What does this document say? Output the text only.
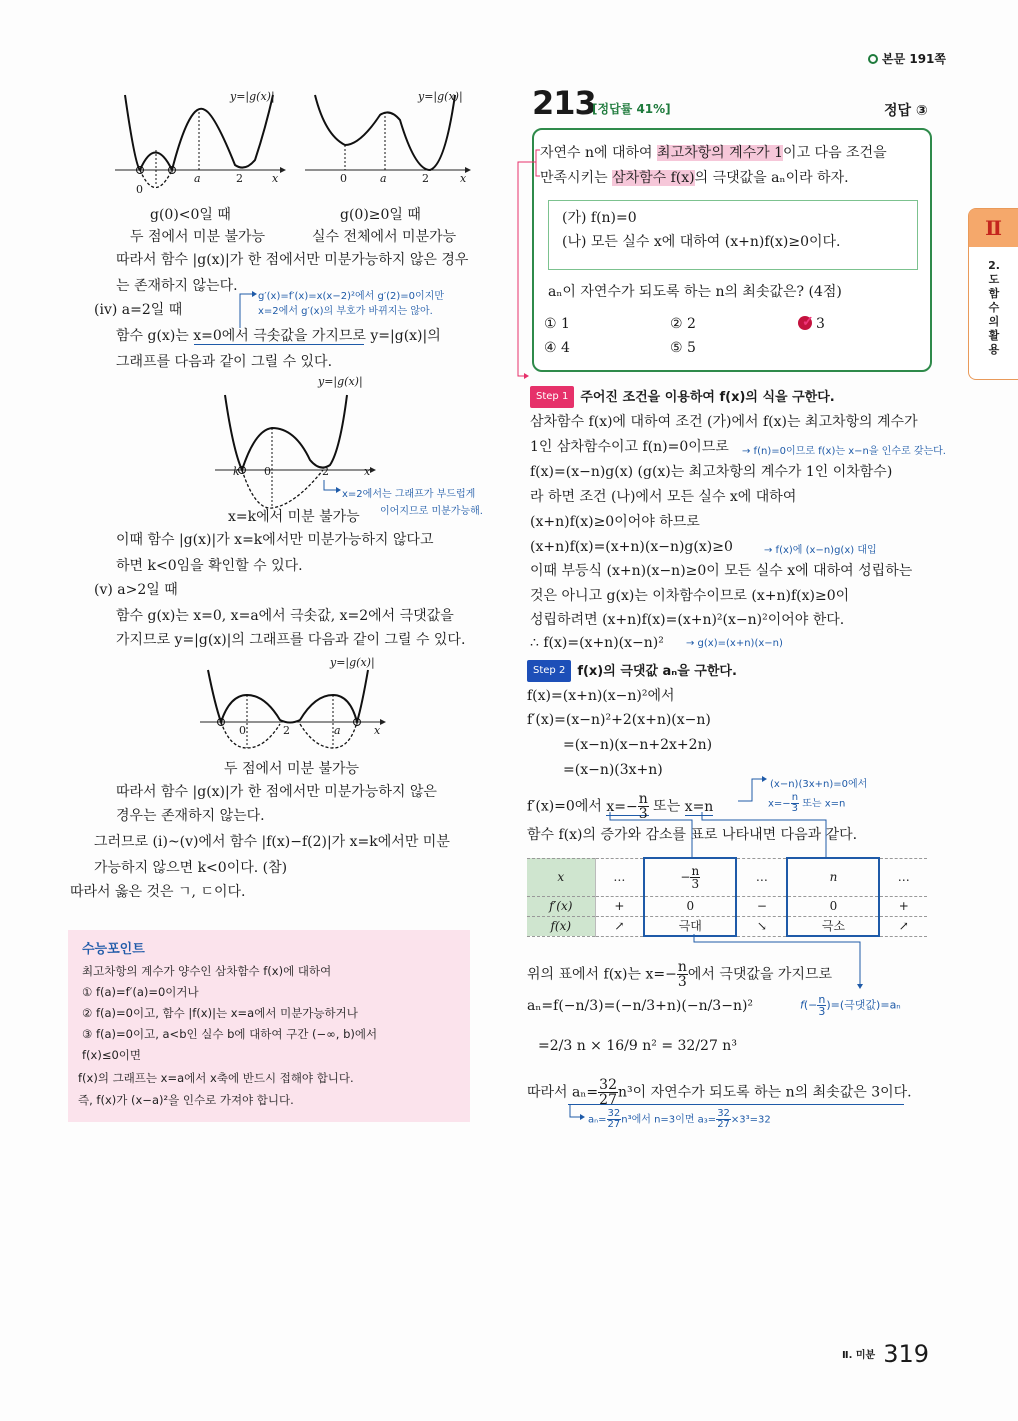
본문 191쪽
y=|g(x)|
0
a	2	x
g(0)<0일 때
두 점에서 미분 불가능
y=|g(x)|
0	a	2	x
g(0)≥0일 때
실수 전체에서 미분가능
따라서 함수 |g(x)|가 한 점에서만 미분가능하지 않은 경우
는 존재하지 않는다.
g′(x)=f′(x)=x(x−2)²에서 g′(2)=0이지만
x=2에서 g′(x)의 부호가 바뀌지는 않아.
(ⅳ) a=2일 때
함수 g(x)는 x=0에서 극솟값을 가지므로 y=|g(x)|의
그래프를 다음과 같이 그릴 수 있다.
y=|g(x)|
k 0	2	x
x=2에서는 그래프가 부드럽게
이어지므로 미분가능해.
x=k에서 미분 불가능
이때 함수 |g(x)|가 x=k에서만 미분가능하지 않다고
하면 k<0임을 확인할 수 있다.
(ⅴ) a>2일 때
함수 g(x)는 x=0, x=a에서 극솟값, x=2에서 극댓값을
가지므로 y=|g(x)|의 그래프를 다음과 같이 그릴 수 있다.
y=|g(x)|
0	2	a	x
두 점에서 미분 불가능
따라서 함수 |g(x)|가 한 점에서만 미분가능하지 않은
경우는 존재하지 않는다.
그러므로 (ⅰ)~(ⅴ)에서 함수 |f(x)−f(2)|가 x=k에서만 미분
가능하지 않으면 k<0이다. (참)
따라서 옳은 것은 ㄱ, ㄷ이다.
수능포인트
최고차항의 계수가 양수인 삼차함수 f(x)에 대하여
① f(a)=f′(a)=0이거나
② f(a)=0이고, 함수 |f(x)|는 x=a에서 미분가능하거나
③ f(a)=0이고, a<b인 실수 b에 대하여 구간 (−∞, b)에서
f(x)≤0이면
f(x)의 그래프는 x=a에서 x축에 반드시 접해야 합니다.
즉, f(x)가 (x−a)²을 인수로 가져야 합니다.
213
[정답률 41%]	정답 ③
자연수 n에 대하여 최고차항의 계수가 1이고 다음 조건을
만족시키는 삼차함수 f(x)의 극댓값을 aₙ이라 하자.
(가) f(n)=0
(나) 모든 실수 x에 대하여 (x+n)f(x)≥0이다.
aₙ이 자연수가 되도록 하는 n의 최솟값은? (4점)
① 1	② 2	✓ 3
④ 4	⑤ 5
Step 1 주어진 조건을 이용하여 f(x)의 식을 구한다.
삼차함수 f(x)에 대하여 조건 (가)에서 f(x)는 최고차항의 계수가
1인 삼차함수이고 f(n)=0이므로 → f(n)=0이므로 f(x)는 x−n을 인수로 갖는다.
f(x)=(x−n)g(x) (g(x)는 최고차항의 계수가 1인 이차함수)
라 하면 조건 (나)에서 모든 실수 x에 대하여
(x+n)f(x)≥0이어야 하므로
(x+n)f(x)=(x+n)(x−n)g(x)≥0	→ f(x)에 (x−n)g(x) 대입
이때 부등식 (x+n)(x−n)≥0이 모든 실수 x에 대하여 성립하는
것은 아니고 g(x)는 이차함수이므로 (x+n)f(x)≥0이
성립하려면 (x+n)f(x)=(x+n)²(x−n)²이어야 한다.
∴ f(x)=(x+n)(x−n)² → g(x)=(x+n)(x−n)
Step 2 f(x)의 극댓값 aₙ을 구한다.
f(x)=(x+n)(x−n)²에서
f′(x)=(x−n)²+2(x+n)(x−n)
=(x−n)(x−n+2x+2n)
=(x−n)(3x+n)
f′(x)=0에서 $x=- \frac{n}{3}$ 또는 x=n
(x−n)(3x+n)=0에서
$x=- \frac{n}{3}$ 또는 x=n
함수 f(x)의 증가와 감소를 표로 나타내면 다음과 같다.
x	…	− $\frac{n}{3}$	…	n	…
f′(x)	+	0	−	0	+
f(x)	↗	극대	↘	극소	↗
위의 표에서 f(x)는 $x=- \frac{n}{3}$ 에서 극댓값을 가지므로
$f(- \frac{n}{3}$ )=(극댓값)=aₙ
aₙ=f(−n/3)=(−n/3+n)(−n/3−n)²
=2/3 n × 16/9 n² = 32/27 n³
따라서 $a_n= \frac{32}{27} n^3$이 자연수가 되도록 하는 n의 최솟값은 3이다.
$a_n= \frac{32}{27} n^3$에서 n=3이면 $a_3= \frac{32}{27} \times 3^3=32$
Ⅱ
2.
도
함
수
의
활
용
$^{Ⅱ. 미분}$ 319
